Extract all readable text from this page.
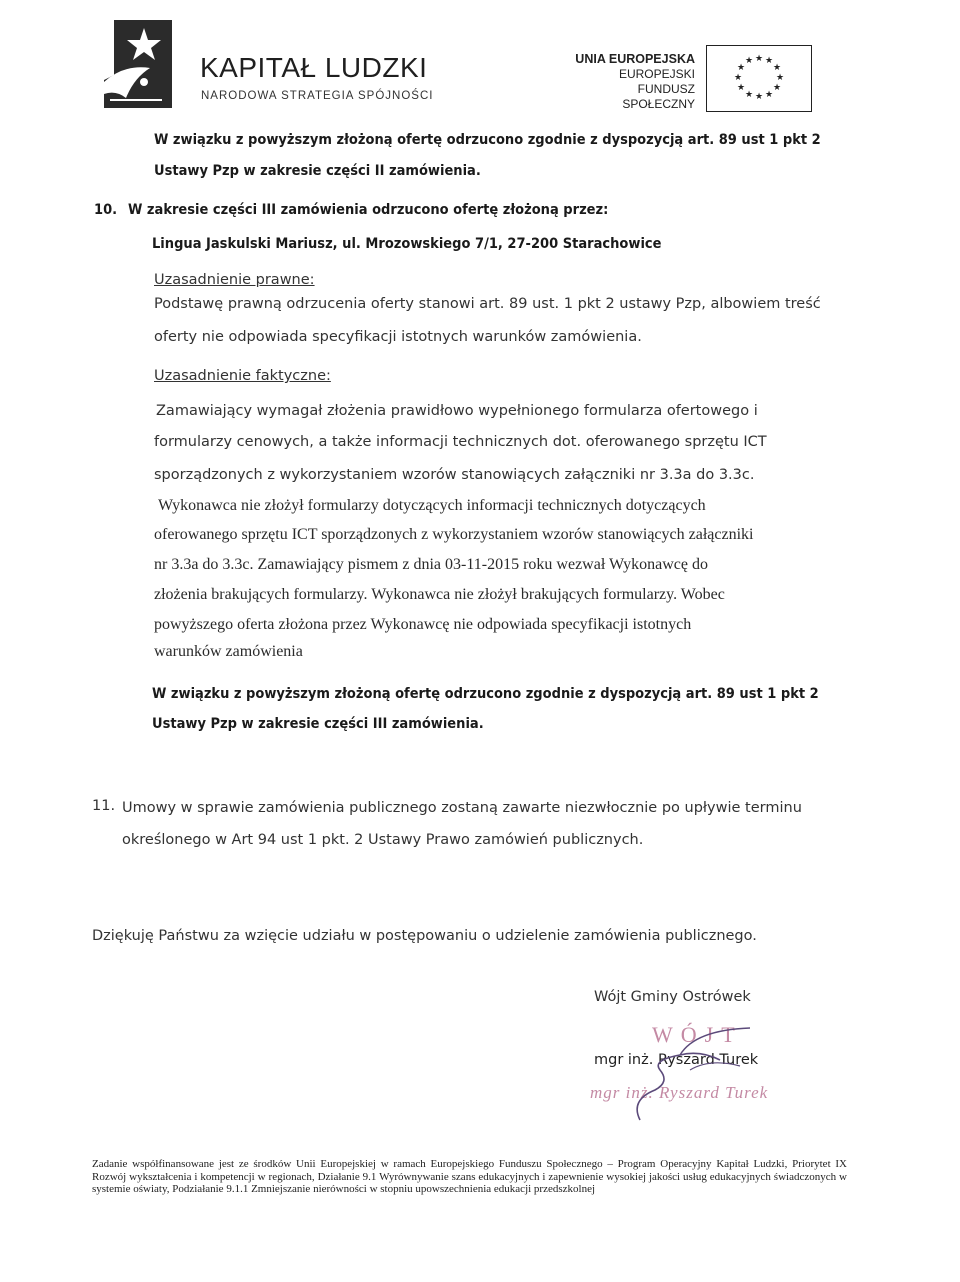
KAPITAŁ LUDZKI
NARODOWA STRATEGIA SPÓJNOŚCI
UNIA EUROPEJSKA
EUROPEJSKI
FUNDUSZ SPOŁECZNY
★ ★
★
★
★
★
★
★
★
★
★
★
W związku z powyższym złożoną ofertę odrzucono zgodnie z dyspozycją art. 89 ust 1 pkt 2
Ustawy Pzp w zakresie części II zamówienia.
10. W zakresie części III zamówienia odrzucono ofertę złożoną przez:
Lingua Jaskulski Mariusz, ul. Mrozowskiego 7/1, 27-200 Starachowice
Uzasadnienie prawne:
Podstawę prawną odrzucenia oferty stanowi art. 89 ust. 1 pkt 2 ustawy Pzp, albowiem treść
oferty nie odpowiada specyfikacji istotnych warunków zamówienia.
Uzasadnienie faktyczne:
Zamawiający wymagał złożenia prawidłowo wypełnionego formularza ofertowego i
formularzy cenowych, a także informacji technicznych dot. oferowanego sprzętu ICT
sporządzonych z wykorzystaniem wzorów stanowiących załączniki nr 3.3a do 3.3c.
Wykonawca nie złożył formularzy dotyczących informacji technicznych dotyczących
oferowanego sprzętu ICT sporządzonych z wykorzystaniem wzorów stanowiących załączniki
nr 3.3a do 3.3c. Zamawiający pismem z dnia 03-11-2015 roku wezwał Wykonawcę do
złożenia brakujących formularzy. Wykonawca nie złożył brakujących formularzy. Wobec
powyższego oferta złożona przez Wykonawcę nie odpowiada specyfikacji istotnych
warunków zamówienia
W związku z powyższym złożoną ofertę odrzucono zgodnie z dyspozycją art. 89 ust 1 pkt 2
Ustawy Pzp w zakresie części III zamówienia.
11. Umowy w sprawie zamówienia publicznego zostaną zawarte niezwłocznie po upływie terminu
określonego w Art 94 ust 1 pkt. 2 Ustawy Prawo zamówień publicznych.
Dziękuję Państwu za wzięcie udziału w postępowaniu o udzielenie zamówienia publicznego.
Wójt Gminy Ostrówek
WÓJT
mgr inż. Ryszard Turek
mgr inż. Ryszard Turek
Zadanie współfinansowane jest ze środków Unii Europejskiej w ramach Europejskiego Funduszu Społecznego – Program Operacyjny Kapitał Ludzki, Priorytet IX Rozwój wykształcenia i kompetencji w regionach, Działanie 9.1 Wyrównywanie szans edukacyjnych i zapewnienie wysokiej jakości usług edukacyjnych świadczonych w systemie oświaty, Podziałanie 9.1.1 Zmniejszanie nierówności w stopniu upowszechnienia edukacji przedszkolnej
